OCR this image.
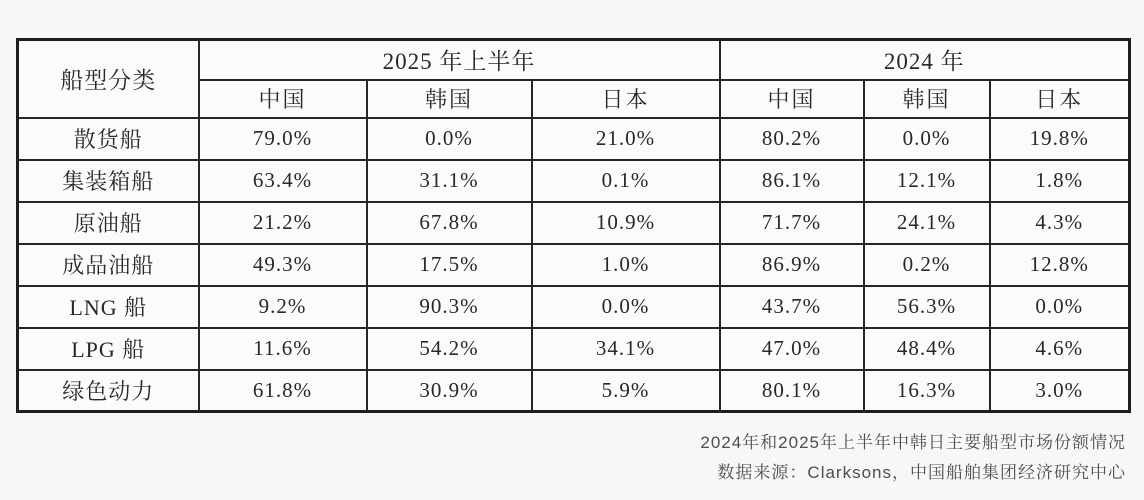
船型分类	2025 年上半年			2024 年		
	中国	韩国	日本	中国	韩国	日本
散货船	79.0%	0.0%	21.0%	80.2%	0.0%	19.8%
集装箱船	63.4%	31.1%	0.1%	86.1%	12.1%	1.8%
原油船	21.2%	67.8%	10.9%	71.7%	24.1%	4.3%
成品油船	49.3%	17.5%	1.0%	86.9%	0.2%	12.8%
LNG 船	9.2%	90.3%	0.0%	43.7%	56.3%	0.0%
LPG 船	11.6%	54.2%	34.1%	47.0%	48.4%	4.6%
绿色动力	61.8%	30.9%	5.9%	80.1%	16.3%	3.0%
2024年和2025年上半年中韩日主要船型市场份额情况
数据来源：Clarksons，中国船舶集团经济研究中心
